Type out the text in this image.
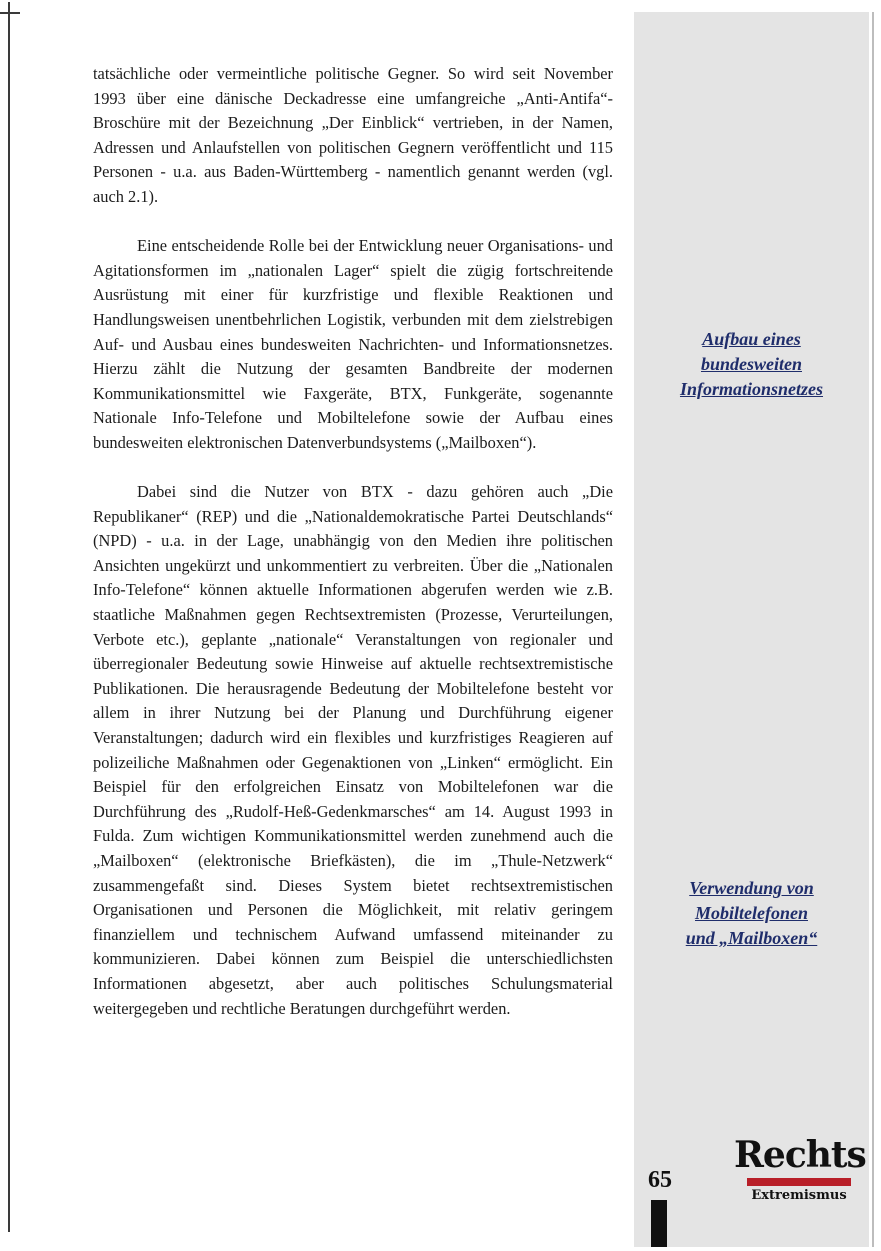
tatsächliche oder vermeintliche politische Gegner. So wird seit November 1993 über eine dänische Deckadresse eine umfangreiche „Anti-Antifa“-Broschüre mit der Bezeichnung „Der Einblick“ vertrieben, in der Namen, Adressen und Anlaufstellen von politischen Gegnern veröffentlicht und 115 Personen - u.a. aus Baden-Württemberg - namentlich genannt werden (vgl. auch 2.1).

Eine entscheidende Rolle bei der Entwicklung neuer Organisations- und Agitationsformen im „nationalen Lager“ spielt die zügig fortschreitende Ausrüstung mit einer für kurzfristige und flexible Reaktionen und Handlungsweisen unentbehrlichen Logistik, verbunden mit dem zielstrebigen Auf- und Ausbau eines bundesweiten Nachrichten- und Informationsnetzes. Hierzu zählt die Nutzung der gesamten Bandbreite der modernen Kommunikationsmittel wie Faxgeräte, BTX, Funkgeräte, sogenannte Nationale Info-Telefone und Mobiltelefone sowie der Aufbau eines bundesweiten elektronischen Datenverbundsystems („Mailboxen“).

Dabei sind die Nutzer von BTX - dazu gehören auch „Die Republikaner“ (REP) und die „Nationaldemokratische Partei Deutschlands“ (NPD) - u.a. in der Lage, unabhängig von den Medien ihre politischen Ansichten ungekürzt und unkommentiert zu verbreiten. Über die „Nationalen Info-Telefone“ können aktuelle Informationen abgerufen werden wie z.B. staatliche Maßnahmen gegen Rechtsextremisten (Prozesse, Verurteilungen, Verbote etc.), geplante „nationale“ Veranstaltungen von regionaler und überregionaler Bedeutung sowie Hinweise auf aktuelle rechtsextremistische Publikationen. Die herausragende Bedeutung der Mobiltelefone besteht vor allem in ihrer Nutzung bei der Planung und Durchführung eigener Veranstaltungen; dadurch wird ein flexibles und kurzfristiges Reagieren auf polizeiliche Maßnahmen oder Gegenaktionen von „Linken“ ermöglicht. Ein Beispiel für den erfolgreichen Einsatz von Mobiltelefonen war die Durchführung des „Rudolf-Heß-Gedenkmarsches“ am 14. August 1993 in Fulda. Zum wichtigen Kommunikationsmittel werden zunehmend auch die „Mailboxen“ (elektronische Briefkästen), die im „Thule-Netzwerk“ zusammengefaßt sind. Dieses System bietet rechtsextremistischen Organisationen und Personen die Möglichkeit, mit relativ geringem finanziellem und technischem Aufwand umfassend miteinander zu kommunizieren. Dabei können zum Beispiel die unterschiedlichsten Informationen abgesetzt, aber auch politisches Schulungsmaterial weitergegeben und rechtliche Beratungen durchgeführt werden.

Aufbau eines
bundesweiten
Informationsnetzes
Verwendung von
Mobiltelefonen
und „Mailboxen“
65
Rechts
Extremismus
